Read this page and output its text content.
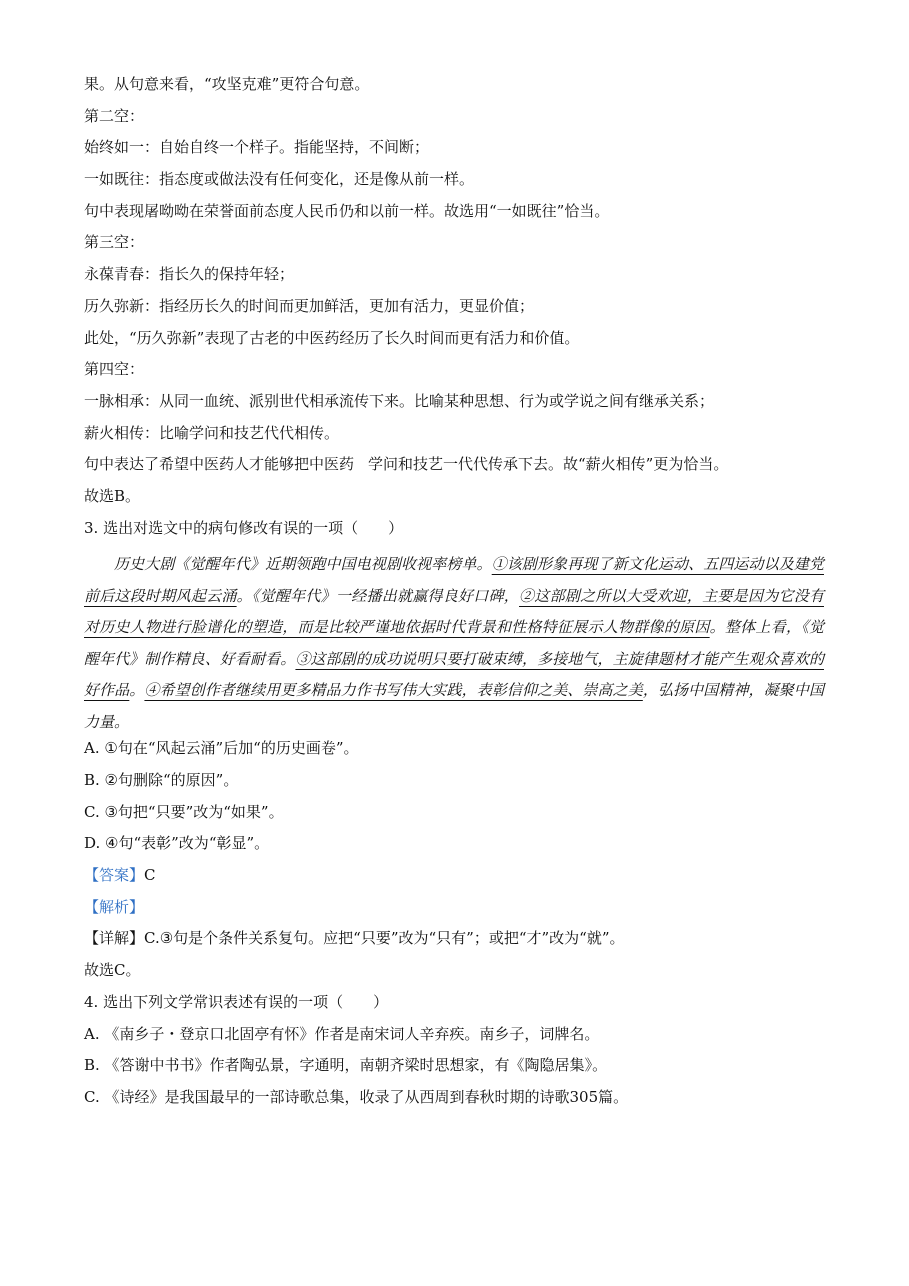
果。从句意来看，“攻坚克难”更符合句意。
第二空：
始终如一：自始自终一个样子。指能坚持，不间断；
一如既往：指态度或做法没有任何变化，还是像从前一样。
句中表现屠呦呦在荣誉面前态度人民币仍和以前一样。故选用“一如既往”恰当。
第三空：
永葆青春：指长久的保持年轻；
历久弥新：指经历长久的时间而更加鲜活，更加有活力，更显价值；
此处，“历久弥新”表现了古老的中医药经历了长久时间而更有活力和价值。
第四空：
一脉相承：从同一血统、派别世代相承流传下来。比喻某种思想、行为或学说之间有继承关系；
薪火相传：比喻学问和技艺代代相传。
句中表达了希望中医药人才能够把中医药 学问和技艺一代代传承下去。故“薪火相传”更为恰当。
故选B。
3. 选出对选文中的病句修改有误的一项（　　）

历史大剧《觉醒年代》近期领跑中国电视剧收视率榜单。①该剧形象再现了新文化运动、五四运动以及建党前后这段时期风起云涌。《觉醒年代》一经播出就赢得良好口碑，②这部剧之所以大受欢迎，主要是因为它没有对历史人物进行脸谱化的塑造，而是比较严谨地依据时代背景和性格特征展示人物群像的原因。整体上看，《觉醒年代》制作精良、好看耐看。③这部剧的成功说明只要打破束缚，多接地气，主旋律题材才能产生观众喜欢的好作品。④希望创作者继续用更多精品力作书写伟大实践，表彰信仰之美、崇高之美，弘扬中国精神，凝聚中国力量。

A. ①句在“风起云涌”后加“的历史画卷”。
B. ②句删除“的原因”。
C. ③句把“只要”改为“如果”。
D. ④句“表彰”改为“彰显”。
【答案】C
【解析】
【详解】C.③句是个条件关系复句。应把“只要”改为“只有”；或把“才”改为“就”。
故选C。
4. 选出下列文学常识表述有误的一项（　　）
A. 《南乡子・登京口北固亭有怀》作者是南宋词人辛弃疾。南乡子，词牌名。
B. 《答谢中书书》作者陶弘景，字通明，南朝齐梁时思想家，有《陶隐居集》。
C. 《诗经》是我国最早的一部诗歌总集，收录了从西周到春秋时期的诗歌305篇。
